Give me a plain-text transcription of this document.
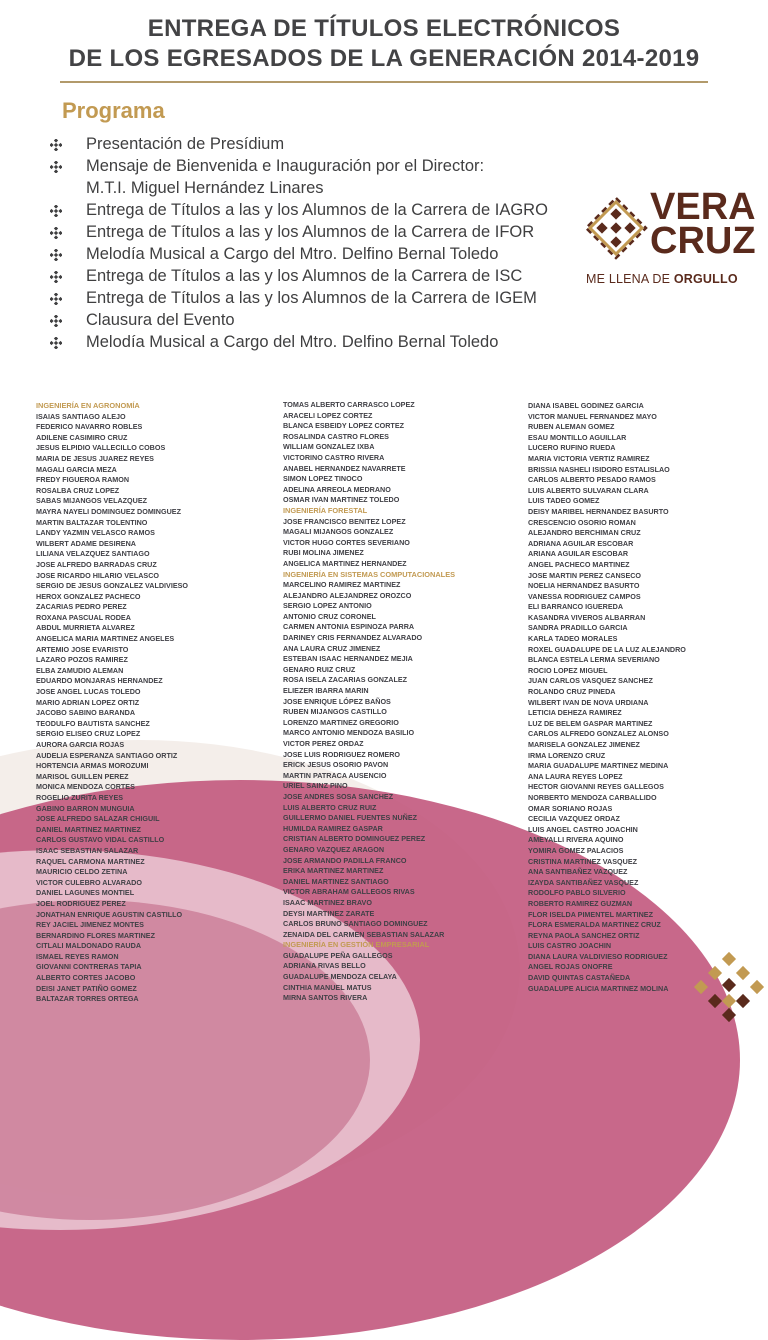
ENTREGA DE TÍTULOS ELECTRÓNICOS
DE LOS EGRESADOS DE LA GENERACIÓN 2014-2019
Programa
Presentación de Presídium
Mensaje de Bienvenida e Inauguración por el Director:
M.T.I. Miguel Hernández Linares
Entrega de Títulos a las y los Alumnos de la Carrera de IAGRO
Entrega de Títulos a las y los Alumnos de la Carrera de IFOR
Melodía Musical a Cargo del Mtro. Delfino Bernal Toledo
Entrega de Títulos a las y los Alumnos de la Carrera de ISC
Entrega de Títulos a las y los Alumnos de la Carrera de IGEM
Clausura del Evento
Melodía Musical a Cargo del Mtro. Delfino Bernal Toledo
VERA
CRUZ
ME LLENA DE ORGULLO
INGENIERÍA EN AGRONOMÍA
ISAIAS SANTIAGO ALEJO
FEDERICO NAVARRO ROBLES
ADILENE CASIMIRO CRUZ
JESUS ELPIDIO VALLECILLO COBOS
MARIA DE JESUS JUAREZ REYES
MAGALI GARCIA MEZA
FREDY FIGUEROA RAMON
ROSALBA CRUZ LOPEZ
SABAS MIJANGOS VELAZQUEZ
MAYRA NAYELI DOMINGUEZ DOMINGUEZ
MARTIN BALTAZAR TOLENTINO
LANDY YAZMIN VELASCO RAMOS
WILBERT ADAME DESIRENA
LILIANA VELAZQUEZ SANTIAGO
JOSE ALFREDO BARRADAS CRUZ
JOSE RICARDO HILARIO VELASCO
SERGIO DE JESUS GONZALEZ VALDIVIESO
HEROX GONZALEZ PACHECO
ZACARIAS PEDRO PEREZ
ROXANA PASCUAL RODEA
ABDUL MURRIETA ALVAREZ
ANGELICA MARIA MARTINEZ ANGELES
ARTEMIO JOSE EVARISTO
LAZARO POZOS RAMIREZ
ELBA ZAMUDIO ALEMAN
EDUARDO MONJARAS HERNANDEZ
JOSE ANGEL LUCAS TOLEDO
MARIO ADRIAN LOPEZ ORTIZ
JACOBO SABINO BARANDA
TEODULFO BAUTISTA SANCHEZ
SERGIO ELISEO CRUZ LOPEZ
AURORA GARCIA ROJAS
AUDELIA ESPERANZA SANTIAGO ORTIZ
HORTENCIA ARMAS MOROZUMI
MARISOL GUILLEN PEREZ
MONICA MENDOZA CORTES
ROGELIO ZURITA REYES
GABINO BARRON MUNGUIA
JOSE ALFREDO SALAZAR CHIGUIL
DANIEL MARTINEZ MARTINEZ
CARLOS GUSTAVO VIDAL CASTILLO
ISAAC SEBASTIAN SALAZAR
RAQUEL CARMONA MARTINEZ
MAURICIO CELDO ZETINA
VICTOR CULEBRO ALVARADO
DANIEL LAGUNES MONTIEL
JOEL RODRIGUEZ PEREZ
JONATHAN ENRIQUE AGUSTIN CASTILLO
REY JACIEL JIMENEZ MONTES
BERNARDINO FLORES MARTINEZ
CITLALI MALDONADO RAUDA
ISMAEL REYES RAMON
GIOVANNI CONTRERAS TAPIA
ALBERTO CORTES JACOBO
DEISI JANET PATIÑO GOMEZ
BALTAZAR TORRES ORTEGA
TOMAS ALBERTO CARRASCO LOPEZ
ARACELI LOPEZ CORTEZ
BLANCA ESBEIDY LOPEZ CORTEZ
ROSALINDA CASTRO FLORES
WILLIAM GONZALEZ IXBA
VICTORINO CASTRO RIVERA
ANABEL HERNANDEZ NAVARRETE
SIMON LOPEZ TINOCO
ADELINA ARREOLA MEDRANO
OSMAR IVAN MARTINEZ TOLEDO
INGENIERÍA FORESTAL
JOSE FRANCISCO BENITEZ LOPEZ
MAGALI MIJANGOS GONZALEZ
VICTOR HUGO CORTES SEVERIANO
RUBI MOLINA JIMENEZ
ANGELICA MARTINEZ HERNANDEZ
INGENIERÍA EN SISTEMAS COMPUTACIONALES
MARCELINO RAMIREZ MARTINEZ
ALEJANDRO ALEJANDREZ OROZCO
SERGIO LOPEZ ANTONIO
ANTONIO CRUZ CORONEL
CARMEN ANTONIA ESPINOZA PARRA
DARINEY CRIS FERNANDEZ ALVARADO
ANA LAURA CRUZ JIMENEZ
ESTEBAN ISAAC HERNANDEZ MEJIA
GENARO RUIZ CRUZ
ROSA ISELA ZACARIAS GONZALEZ
ELIEZER IBARRA MARIN
JOSE ENRIQUE LÓPEZ BAÑOS
RUBEN MIJANGOS CASTILLO
LORENZO MARTINEZ GREGORIO
MARCO ANTONIO MENDOZA BASILIO
VICTOR PEREZ ORDAZ
JOSE LUIS RODRIGUEZ ROMERO
ERICK JESUS OSORIO PAVON
MARTIN PATRACA AUSENCIO
URIEL SAINZ PINO
JOSE ANDRES SOSA SANCHEZ
LUIS ALBERTO CRUZ RUIZ
GUILLERMO DANIEL FUENTES NUÑEZ
HUMILDA RAMIREZ GASPAR
CRISTIAN ALBERTO DOMINGUEZ PEREZ
GENARO VAZQUEZ ARAGON
JOSE ARMANDO PADILLA FRANCO
ERIKA MARTINEZ MARTINEZ
DANIEL MARTINEZ SANTIAGO
VICTOR ABRAHAM GALLEGOS RIVAS
ISAAC MARTINEZ BRAVO
DEYSI MARTINEZ ZARATE
CARLOS BRUNO SANTIAGO DOMINGUEZ
ZENAIDA DEL CARMEN SEBASTIAN SALAZAR
INGENIERÍA EN GESTIÓN EMPRESARIAL
GUADALUPE PEÑA GALLEGOS
ADRIANA RIVAS BELLO
GUADALUPE MENDOZA CELAYA
CINTHIA MANUEL MATUS
MIRNA SANTOS RIVERA
DIANA ISABEL GODINEZ GARCIA
VICTOR MANUEL FERNANDEZ MAYO
RUBEN ALEMAN GOMEZ
ESAU MONTILLO AGUILLAR
LUCERO RUFINO RUEDA
MARIA VICTORIA VERTIZ RAMIREZ
BRISSIA NASHELI ISIDORO ESTALISLAO
CARLOS ALBERTO PESADO RAMOS
LUIS ALBERTO SULVARAN CLARA
LUIS TADEO GOMEZ
DEISY MARIBEL HERNANDEZ BASURTO
CRESCENCIO OSORIO ROMAN
ALEJANDRO BERCHIMAN CRUZ
ADRIANA AGUILAR ESCOBAR
ARIANA AGUILAR ESCOBAR
ANGEL PACHECO MARTINEZ
JOSE MARTIN PEREZ CANSECO
NOELIA HERNANDEZ BASURTO
VANESSA RODRIGUEZ CAMPOS
ELI BARRANCO IGUEREDA
KASANDRA VIVEROS ALBARRAN
SANDRA PRADILLO GARCIA
KARLA TADEO MORALES
ROXEL GUADALUPE DE LA LUZ ALEJANDRO
BLANCA ESTELA LERMA SEVERIANO
ROCIO LOPEZ MIGUEL
JUAN CARLOS VASQUEZ SANCHEZ
ROLANDO CRUZ PINEDA
WILBERT IVAN DE NOVA URDIANA
LETICIA DEHEZA RAMIREZ
LUZ DE BELEM GASPAR MARTINEZ
CARLOS ALFREDO GONZALEZ ALONSO
MARISELA GONZALEZ JIMENEZ
IRMA LORENZO CRUZ
MARIA GUADALUPE MARTINEZ MEDINA
ANA LAURA REYES LOPEZ
HECTOR GIOVANNI REYES GALLEGOS
NORBERTO MENDOZA CARBALLIDO
OMAR SORIANO ROJAS
CECILIA VAZQUEZ ORDAZ
LUIS ANGEL CASTRO JOACHIN
AMEYALLI RIVERA AQUINO
YOMIRA GOMEZ PALACIOS
CRISTINA MARTINEZ VASQUEZ
ANA SANTIBAÑEZ VAZQUEZ
IZAYDA SANTIBAÑEZ VASQUEZ
RODOLFO PABLO SILVERIO
ROBERTO RAMIREZ GUZMAN
FLOR ISELDA PIMENTEL MARTINEZ
FLORA ESMERALDA MARTINEZ CRUZ
REYNA PAOLA SANCHEZ ORTIZ
LUIS CASTRO JOACHIN
DIANA LAURA VALDIVIESO RODRIGUEZ
ANGEL ROJAS ONOFRE
DAVID QUINTAS CASTAÑEDA
GUADALUPE ALICIA MARTINEZ MOLINA
